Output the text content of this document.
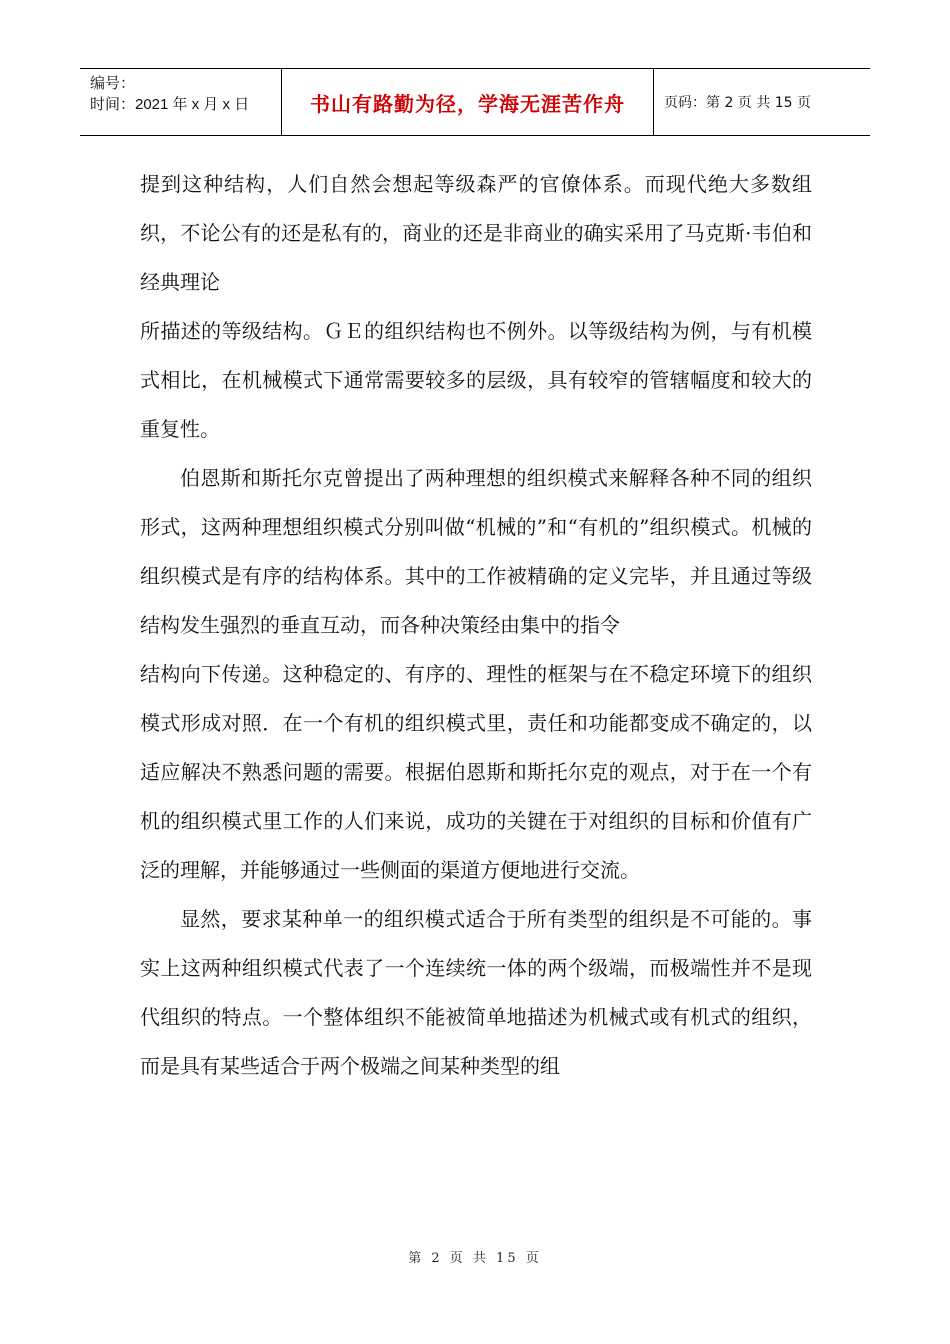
编号：
时间：2021 年 x 月 x 日	书山有路勤为径，学海无涯苦作舟	页码：第 2 页 共 15 页

提到这种结构，人们自然会想起等级森严的官僚体系。而现代绝大多数组织，不论公有的还是私有的，商业的还是非商业的确实采用了马克斯·韦伯和经典理论

所描述的等级结构。ＧＥ的组织结构也不例外。以等级结构为例，与有机模式相比，在机械模式下通常需要较多的层级，具有较窄的管辖幅度和较大的重复性。

伯恩斯和斯托尔克曾提出了两种理想的组织模式来解释各种不同的组织形式，这两种理想组织模式分别叫做“机械的”和“有机的”组织模式。机械的组织模式是有序的结构体系。其中的工作被精确的定义完毕，并且通过等级结构发生强烈的垂直互动，而各种决策经由集中的指令

结构向下传递。这种稳定的、有序的、理性的框架与在不稳定环境下的组织模式形成对照．在一个有机的组织模式里，责任和功能都变成不确定的，以适应解决不熟悉问题的需要。根据伯恩斯和斯托尔克的观点，对于在一个有机的组织模式里工作的人们来说，成功的关键在于对组织的目标和价值有广泛的理解，并能够通过一些侧面的渠道方便地进行交流。

显然，要求某种单一的组织模式适合于所有类型的组织是不可能的。事实上这两种组织模式代表了一个连续统一体的两个级端，而极端性并不是现代组织的特点。一个整体组织不能被简单地描述为机械式或有机式的组织，而是具有某些适合于两个极端之间某种类型的组

第 2 页 共 15 页
